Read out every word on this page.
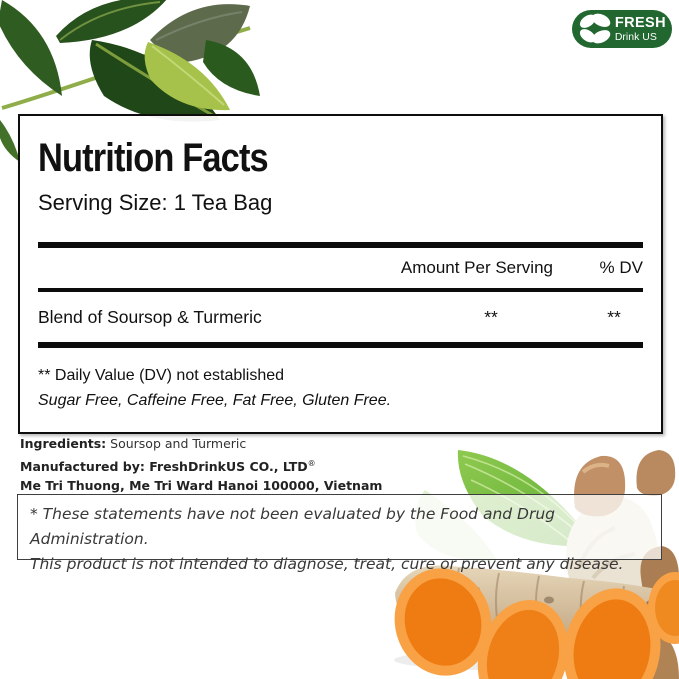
FRESH
Drink US
Nutrition Facts
Serving Size: 1 Tea Bag
Amount Per Serving	% DV
Blend of Soursop & Turmeric	**	**
** Daily Value (DV) not established
Sugar Free, Caffeine Free, Fat Free, Gluten Free.
Ingredients: Soursop and Turmeric
Manufactured by: FreshDrinkUS CO., LTD®
Me Tri Thuong, Me Tri Ward Hanoi 100000, Vietnam
* These statements have not been evaluated by the Food and Drug Administration.
This product is not intended to diagnose, treat, cure or prevent any disease.
